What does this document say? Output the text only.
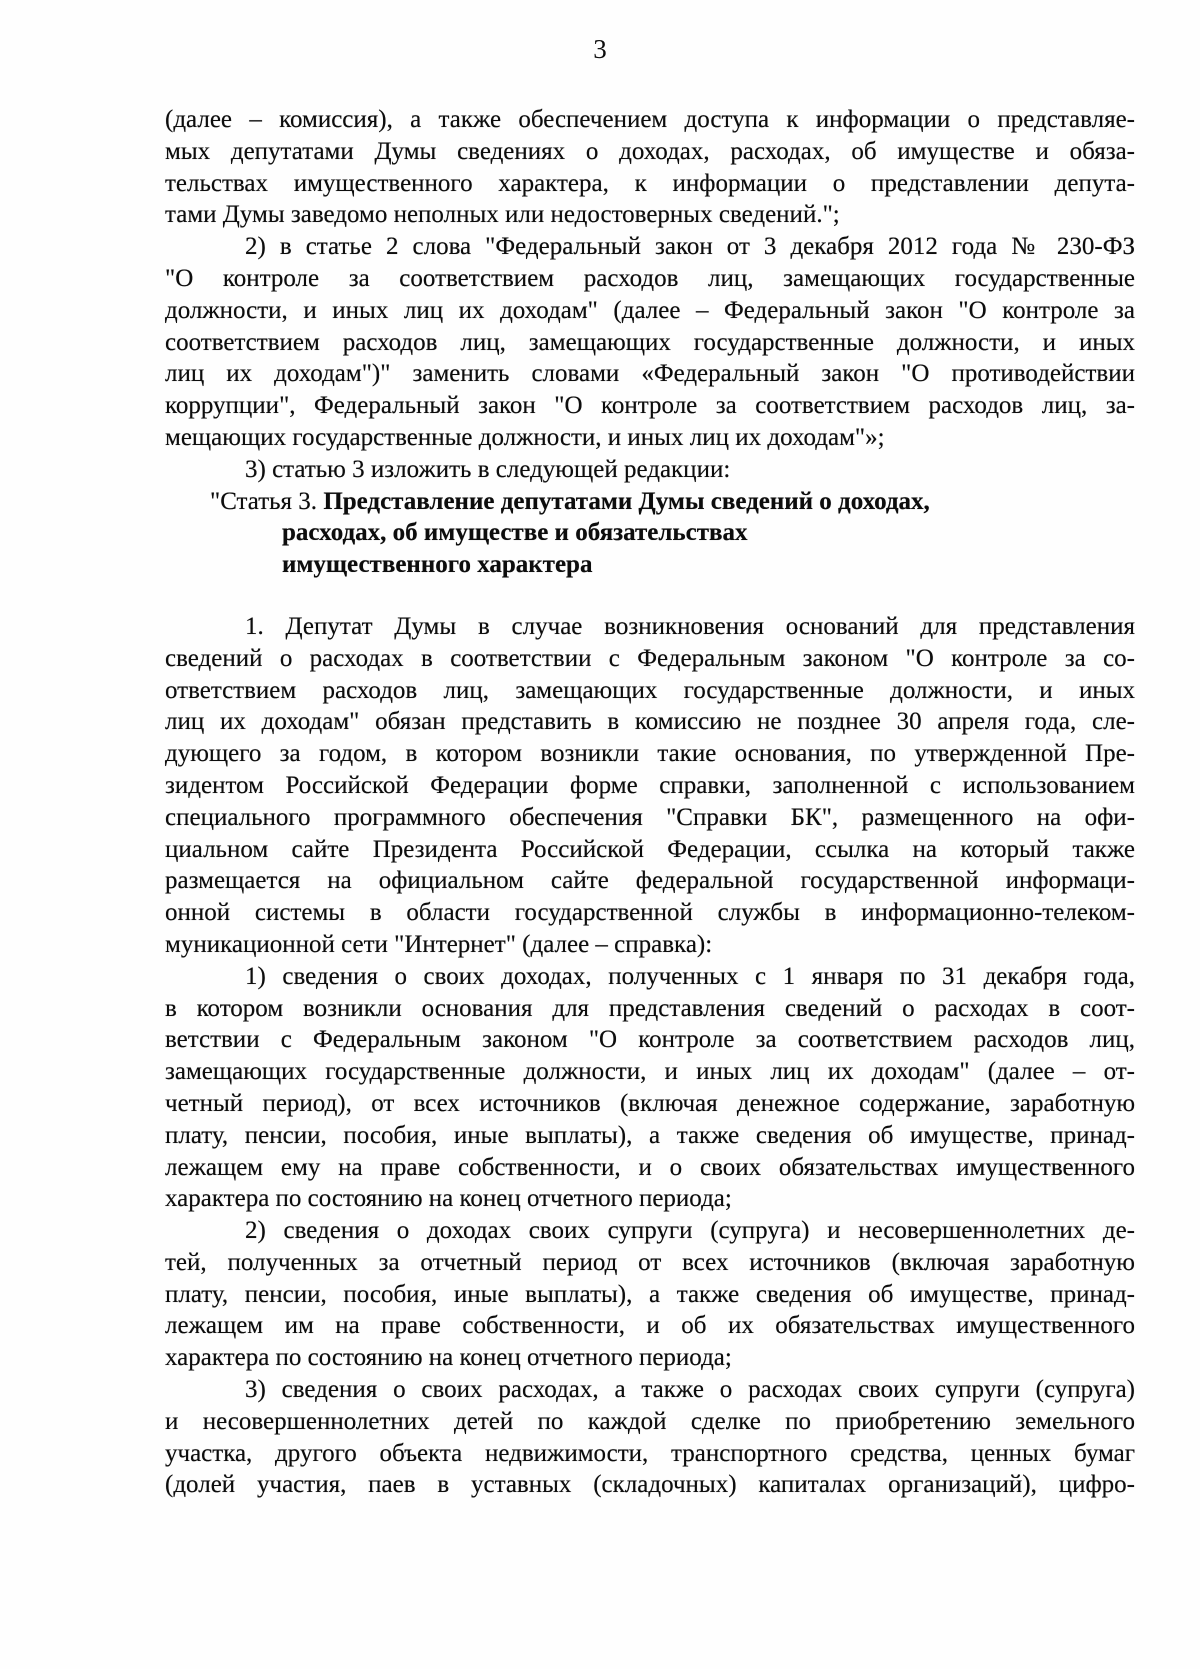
3
(далее – комиссия), а также обеспечением доступа к информации о представляе-
мых депутатами Думы сведениях о доходах, расходах, об имуществе и обяза-
тельствах имущественного характера, к информации о представлении депута-
тами Думы заведомо неполных или недостоверных сведений.";
2) в статье 2 слова "Федеральный закон от 3 декабря 2012 года № 230-ФЗ
"О контроле за соответствием расходов лиц, замещающих государственные
должности, и иных лиц их доходам" (далее – Федеральный закон "О контроле за
соответствием расходов лиц, замещающих государственные должности, и иных
лиц их доходам")" заменить словами «Федеральный закон "О противодействии
коррупции", Федеральный закон "О контроле за соответствием расходов лиц, за-
мещающих государственные должности, и иных лиц их доходам"»;
3) статью 3 изложить в следующей редакции:
"Статья 3. Представление депутатами Думы сведений о доходах,
расходах, об имуществе и обязательствах
имущественного характера
1. Депутат Думы в случае возникновения оснований для представления
сведений о расходах в соответствии с Федеральным законом "О контроле за со-
ответствием расходов лиц, замещающих государственные должности, и иных
лиц их доходам" обязан представить в комиссию не позднее 30 апреля года, сле-
дующего за годом, в котором возникли такие основания, по утвержденной Пре-
зидентом Российской Федерации форме справки, заполненной с использованием
специального программного обеспечения "Справки БК", размещенного на офи-
циальном сайте Президента Российской Федерации, ссылка на который также
размещается на официальном сайте федеральной государственной информаци-
онной системы в области государственной службы в информационно-телеком-
муникационной сети "Интернет" (далее – справка):
1) сведения о своих доходах, полученных с 1 января по 31 декабря года,
в котором возникли основания для представления сведений о расходах в соот-
ветствии с Федеральным законом "О контроле за соответствием расходов лиц,
замещающих государственные должности, и иных лиц их доходам" (далее – от-
четный период), от всех источников (включая денежное содержание, заработную
плату, пенсии, пособия, иные выплаты), а также сведения об имуществе, принад-
лежащем ему на праве собственности, и о своих обязательствах имущественного
характера по состоянию на конец отчетного периода;
2) сведения о доходах своих супруги (супруга) и несовершеннолетних де-
тей, полученных за отчетный период от всех источников (включая заработную
плату, пенсии, пособия, иные выплаты), а также сведения об имуществе, принад-
лежащем им на праве собственности, и об их обязательствах имущественного
характера по состоянию на конец отчетного периода;
3) сведения о своих расходах, а также о расходах своих супруги (супруга)
и несовершеннолетних детей по каждой сделке по приобретению земельного
участка, другого объекта недвижимости, транспортного средства, ценных бумаг
(долей участия, паев в уставных (складочных) капиталах организаций), цифро-
